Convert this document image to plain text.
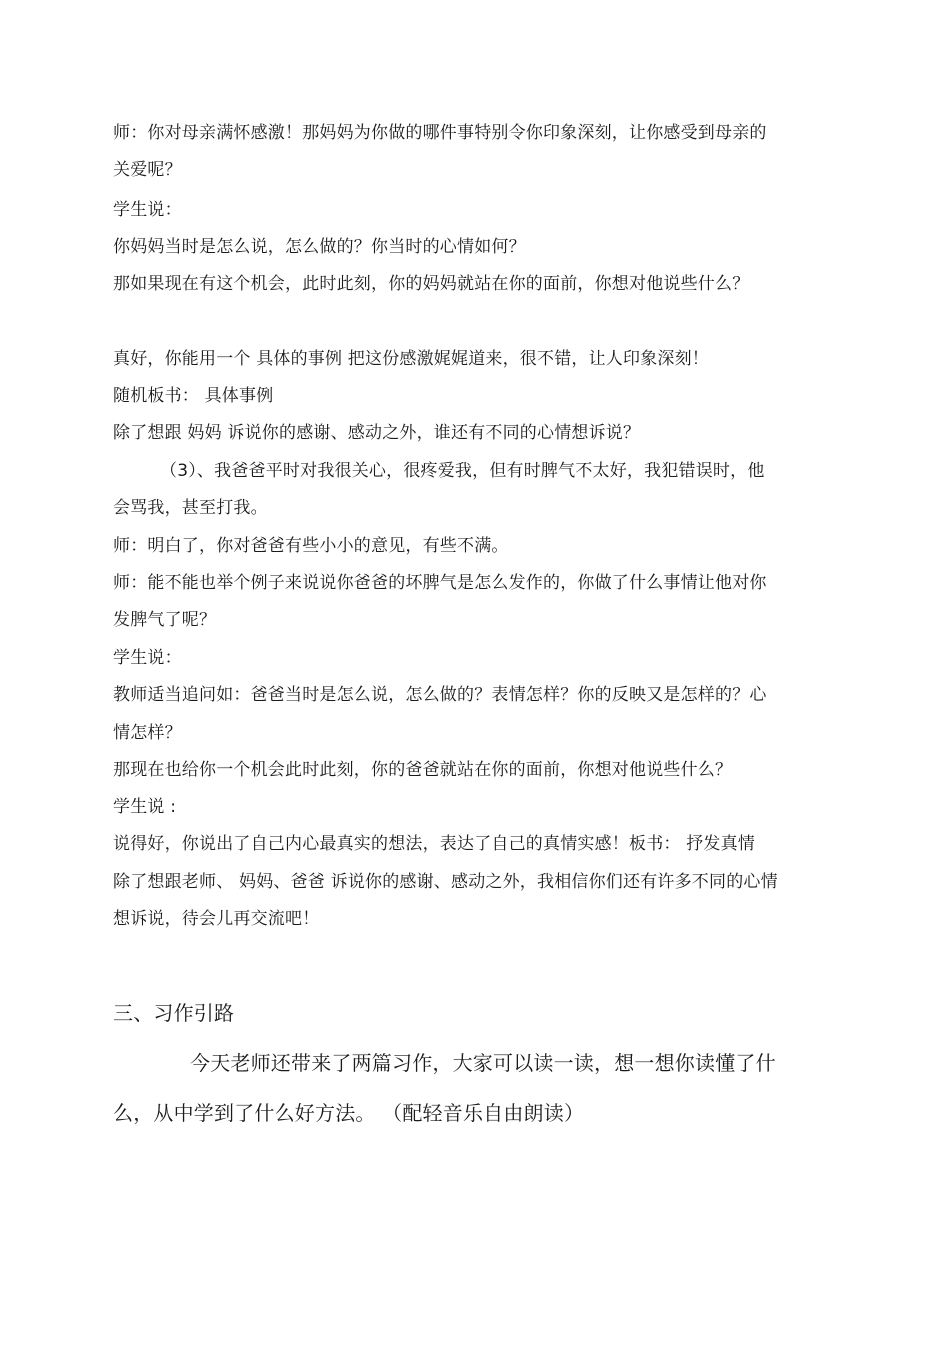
师：你对母亲满怀感激！那妈妈为你做的哪件事特别令你印象深刻，让你感受到母亲的
关爱呢？
学生说：
你妈妈当时是怎么说，怎么做的？你当时的心情如何？
那如果现在有这个机会，此时此刻，你的妈妈就站在你的面前，你想对他说些什么？
真好，你能用一个 具体的事例 把这份感激娓娓道来，很不错，让人印象深刻！
随机板书： 具体事例
除了想跟 妈妈 诉说你的感谢、感动之外，谁还有不同的心情想诉说？
（3）、我爸爸平时对我很关心，很疼爱我，但有时脾气不太好，我犯错误时，他
会骂我，甚至打我。
师：明白了，你对爸爸有些小小的意见，有些不满。
师：能不能也举个例子来说说你爸爸的坏脾气是怎么发作的，你做了什么事情让他对你
发脾气了呢？
学生说：
教师适当追问如：爸爸当时是怎么说，怎么做的？表情怎样？你的反映又是怎样的？心
情怎样？
那现在也给你一个机会此时此刻，你的爸爸就站在你的面前，你想对他说些什么？
学生说 :
说得好，你说出了自己内心最真实的想法，表达了自己的真情实感！板书： 抒发真情
除了想跟老师、 妈妈、爸爸 诉说你的感谢、感动之外，我相信你们还有许多不同的心情
想诉说，待会儿再交流吧！
三、习作引路
今天老师还带来了两篇习作，大家可以读一读，想一想你读懂了什
么，从中学到了什么好方法。 （配轻音乐自由朗读）
